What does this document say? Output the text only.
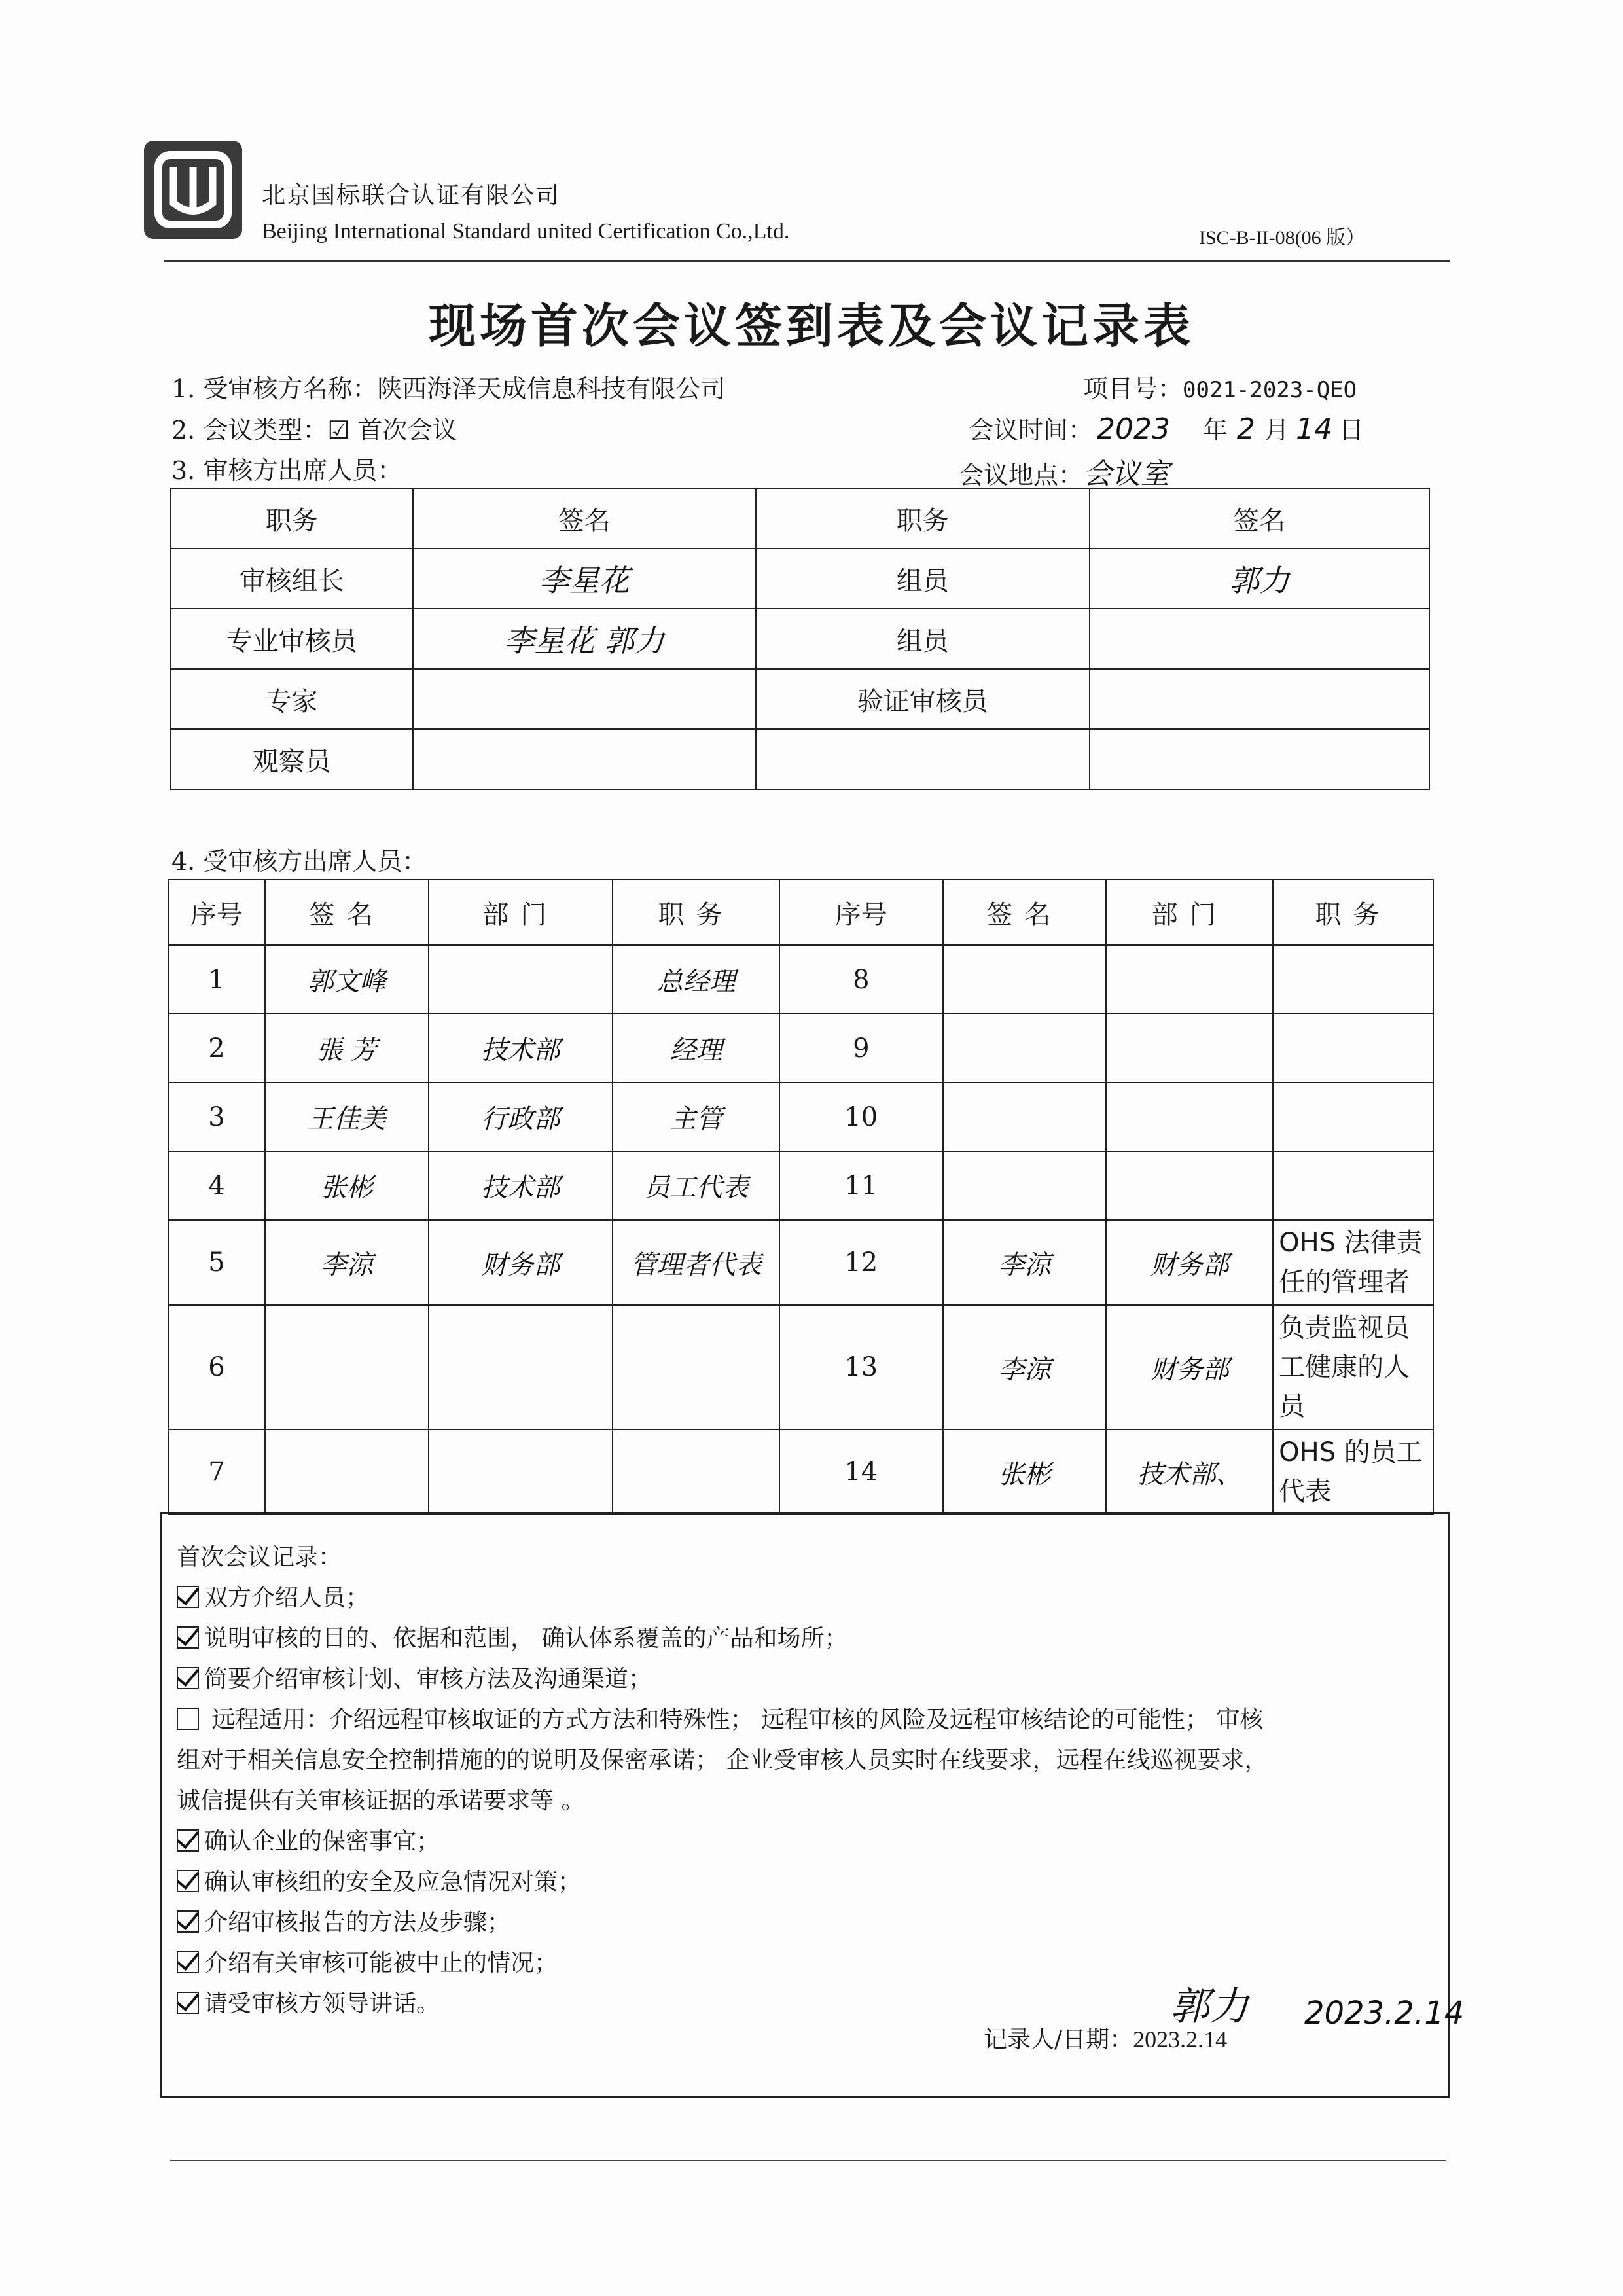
北京国标联合认证有限公司
Beijing International Standard united Certification Co.,Ltd.	ISC-B-II-08(06 版）
现场首次会议签到表及会议记录表
1. 受审核方名称：陕西海泽天成信息科技有限公司	项目号：0021-2023-QEO
2. 会议类型：☑ 首次会议	会议时间： 2023 年 2 月 14 日
3. 审核方出席人员：	会议地点：会议室
职务	签名	职务	签名
审核组长	李星花	组员	郭力
专业审核员	李星花 郭力	组员	
专家		验证审核员	
观察员			
4. 受审核方出席人员：
序号	签名	部门	职务	序号	签名	部门	职务
1	郭文峰		总经理	8			
2	張 芳	技术部	经理	9			
3	王佳美	行政部	主管	10			
4	张彬	技术部	员工代表	11			
5	李涼	财务部	管理者代表	12	李涼	财务部	OHS 法律责任的管理者
6				13	李涼	财务部	负责监视员工健康的人员
7				14	张彬	技术部、	OHS 的员工代表
首次会议记录：
双方介绍人员；
说明审核的目的、依据和范围， 确认体系覆盖的产品和场所；
简要介绍审核计划、审核方法及沟通渠道；
远程适用：介绍远程审核取证的方式方法和特殊性； 远程审核的风险及远程审核结论的可能性； 审核
组对于相关信息安全控制措施的的说明及保密承诺； 企业受审核人员实时在线要求，远程在线巡视要求，
诚信提供有关审核证据的承诺要求等 。
确认企业的保密事宜；
确认审核组的安全及应急情况对策；
介绍审核报告的方法及步骤；
介绍有关审核可能被中止的情况；
请受审核方领导讲话。
记录人/日期：2023.2.14
郭力 2023.2.14
